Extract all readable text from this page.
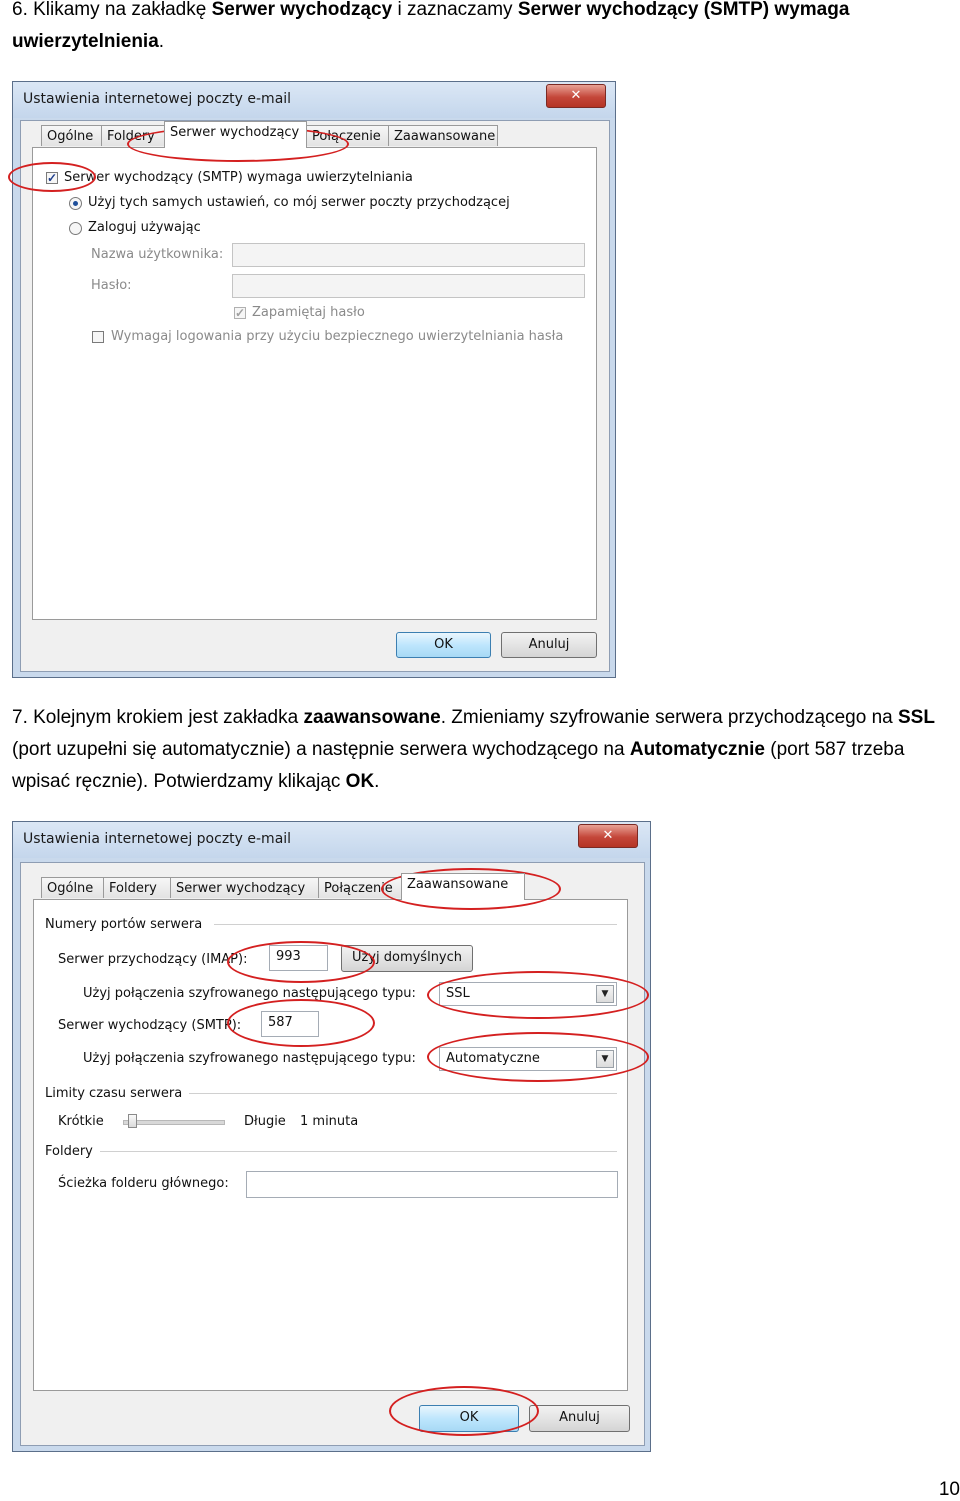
6. Klikamy na zakładkę Serwer wychodzący i zaznaczamy Serwer wychodzący (SMTP) wymaga uwierzytelnienia.
Ustawienia internetowej poczty e-mail	✕
Ogólne	Foldery	Serwer wychodzący Połączenie	Zaawansowane
✓ Serwer wychodzący (SMTP) wymaga uwierzytelniania
Użyj tych samych ustawień, co mój serwer poczty przychodzącej
Zaloguj używając
Nazwa użytkownika:
Hasło:
✓ Zapamiętaj hasło
Wymagaj logowania przy użyciu bezpiecznego uwierzytelniania hasła
OK	Anuluj
7. Kolejnym krokiem jest zakładka zaawansowane. Zmieniamy szyfrowanie serwera przychodzącego na SSL (port uzupełni się automatycznie) a następnie serwera wychodzącego na Automatycznie (port 587 trzeba wpisać ręcznie). Potwierdzamy klikając OK.
Ustawienia internetowej poczty e-mail	✕
Ogólne	Foldery	Serwer wychodzący	Połączenie	Zaawansowane
Numery portów serwera
Serwer przychodzący (IMAP):	993	Użyj domyślnych
Użyj połączenia szyfrowanego następującego typu:	SSL	▼
Serwer wychodzący (SMTP):	587
Użyj połączenia szyfrowanego następującego typu:	Automatyczne	▼
Limity czasu serwera
Krótkie	Długie 1 minuta
Foldery
Ścieżka folderu głównego:
OK	Anuluj
10
